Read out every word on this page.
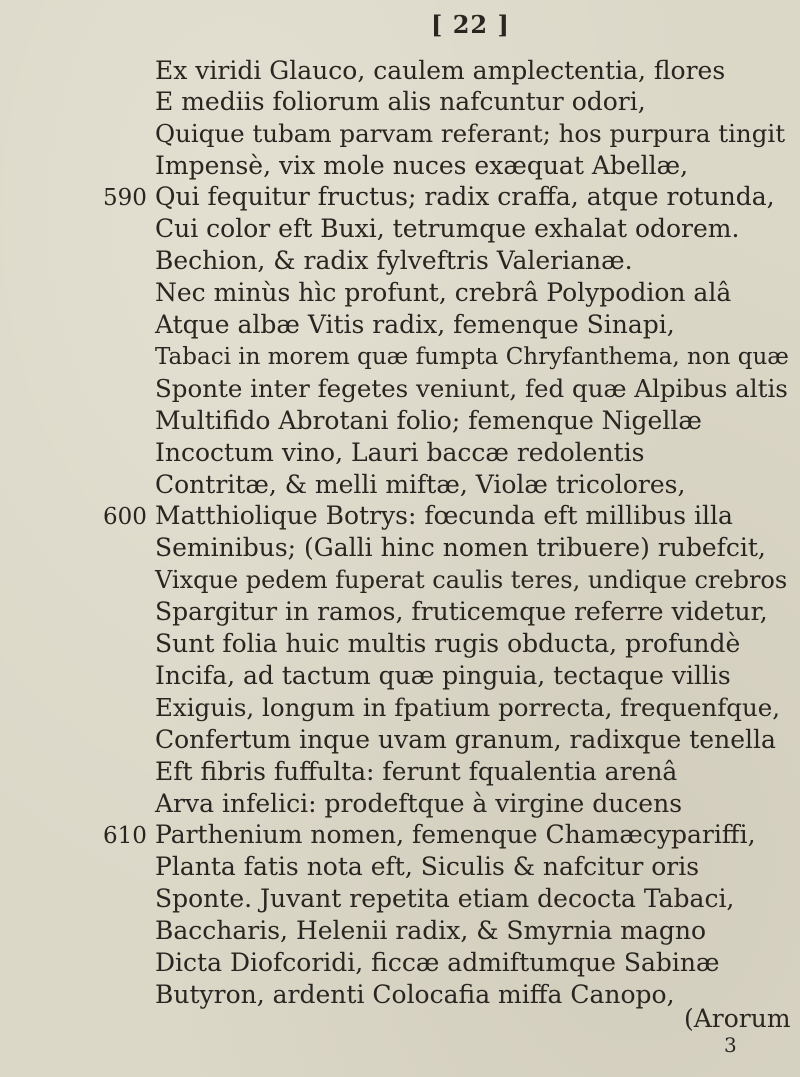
[ 22 ]
Ex viridi Glauco, caulem amplectentia, flores
E mediis foliorum alis nafcuntur odori,
Quique tubam parvam referant; hos purpura tingit
Impensè, vix mole nuces exæquat Abellæ,
590 Qui fequitur fructus; radix craffa, atque rotunda,
Cui color eft Buxi, tetrumque exhalat odorem.
Bechion, & radix fylveftris Valerianæ.
Nec minùs hìc profunt, crebrâ Polypodion alâ
Atque albæ Vitis radix, femenque Sinapi,
Tabaci in morem quæ fumpta Chryfanthema, non quæ
Sponte inter fegetes veniunt, fed quæ Alpibus altis
Multifido Abrotani folio; femenque Nigellæ
Incoctum vino, Lauri baccæ redolentis
Contritæ, & melli miftæ, Violæ tricolores,
600 Matthiolique Botrys: fœcunda eft millibus illa
Seminibus; (Galli hinc nomen tribuere) rubefcit,
Vixque pedem fuperat caulis teres, undique crebros
Spargitur in ramos, fruticemque referre videtur,
Sunt folia huic multis rugis obducta, profundè
Incifa, ad tactum quæ pinguia, tectaque villis
Exiguis, longum in fpatium porrecta, frequenfque,
Confertum inque uvam granum, radixque tenella
Eft fibris fuffulta: ferunt fqualentia arenâ
Arva infelici: prodeftque à virgine ducens
610 Parthenium nomen, femenque Chamæcypariffi,
Planta fatis nota eft, Siculis & nafcitur oris
Sponte. Juvant repetita etiam decocta Tabaci,
Baccharis, Helenii radix, & Smyrnia magno
Dicta Diofcoridi, ficcæ admiftumque Sabinæ
Butyron, ardenti Colocafia miffa Canopo,
(Arorum
3
